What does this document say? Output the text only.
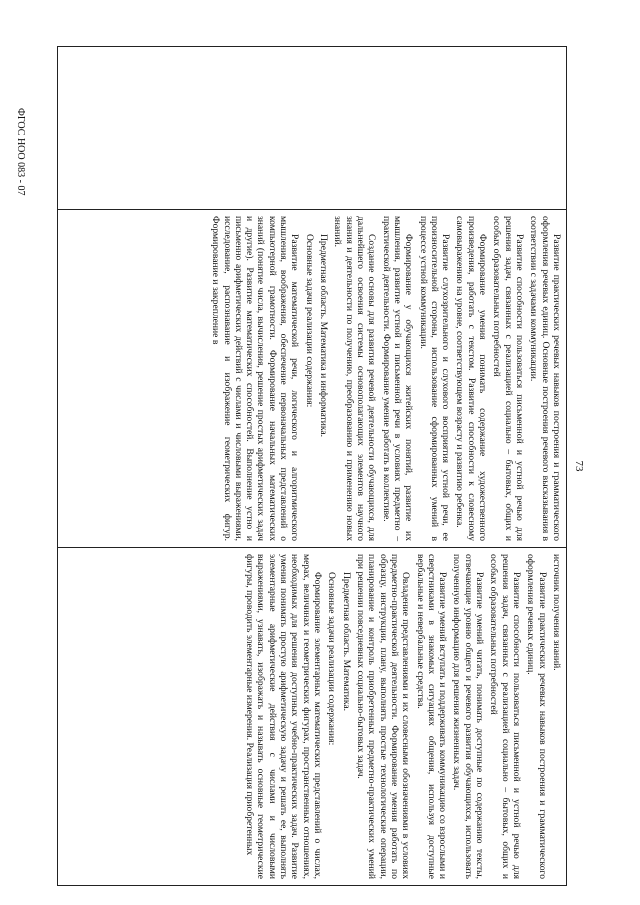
ФГОС НОО 083 - 07
73

Развитие практических речевых навыков построения и грамматического оформления речевых единиц. Основные построения речевого высказывания в соответствии с задачами коммуникации.

Развитие способности пользоваться письменной и устной речью для решения задач, связанных с реализацией социально – бытовых, общих и особых образовательных потребностей

Формирование умения понимать содержание художественного произведения, работать с текстом. Развитие способности к словесному самовыражению на уровне, соответствующем возрасту и развитию ребенка.

Развитие слухозрительного и слухового восприятия устной речи, ее произносительной стороны, использование сформированных умений в процессе устной коммуникации.

Формирование у обучающихся житейских понятий, развитие их мышления, развитие устной и письменной речи в условиях предметно – практической деятельности. Формирование умение работать в коллективе.

Создание основы для развития речевой деятельности обучающихся, для дальнейшего освоения системы основополагающих элементов научного знания и деятельности по получению, преобразованию и применению новых знаний.

Предметная область. Математика и информатика.

Основные задачи реализации содержания:

Развитие математической речи, логического и алгоритмического мышления, воображения, обеспечение первоначальных представлений о компьютерной грамотности. Формирование начальных математических знаний (понятие числа, вычисления, решение простых арифметических задач и другие). Развитие математических способностей. Выполнение устно и письменно арифметических действий с числами и числовыми выражениями, исследование, распознавание и изображение геометрических фигур. Формирование и закрепление в

источник получения знаний.

Развитие практических речевых навыков построения и грамматического оформления речевых единиц.

Развитие способности пользоваться письменной и устной речью для решения задач, связанных с реализацией социально – бытовых, общих и особых образовательных потребностей

Развитие умений читать, понимать доступные по содержанию тексты, отвечающие уровню общего и речевого развития обучающихся, использовать полученную информацию для решения жизненных задач.

Развитие умений вступать и поддерживать коммуникацию со взрослыми и сверстниками в знакомых ситуациях общения, используя доступные вербальные и невербальные средства.

Овладение представлениями и их словесными обозначениями в условиях предметно-практической деятельности. Формирование умения работать по образцу, инструкции, плану, выполнять простые технологические операции, планирование и контроль приобретенных предметно-практических умений при решении повседневных социально-бытовых задач.

Предметная область. Математика.

Основные задачи реализации содержания:

Формирование элементарных математических представлений о числах, мерах, величинах и геометрических фигурах, пространственных отношениях, необходимых для решения доступных учебно-практических задач. Развитие умения понимать простую арифметическую задачу и решать ее, выполнять элементарные арифметические действия с числами и числовыми выражениями, узнавать, изображать и называть основные геометрические фигуры, проводить элементарные измерения. Реализация приобретенных
